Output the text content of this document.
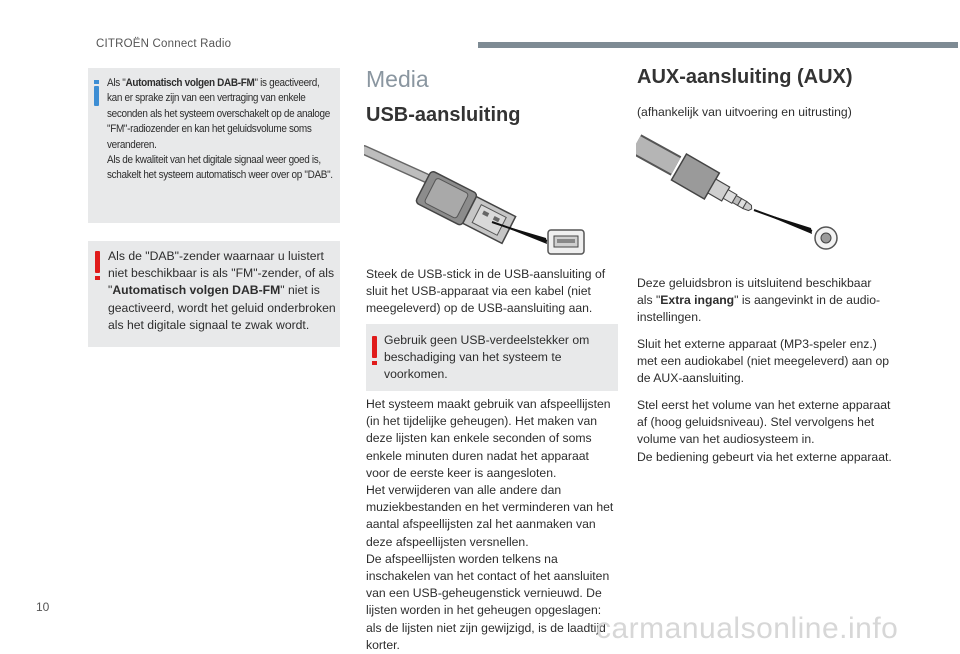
CITROËN Connect Radio
Als "Automatisch volgen DAB-FM" is geactiveerd, kan er sprake zijn van een vertraging van enkele seconden als het systeem overschakelt op de analoge "FM"-radiozender en kan het geluidsvolume soms veranderen.
Als de kwaliteit van het digitale signaal weer goed is, schakelt het systeem automatisch weer over op "DAB".
Als de "DAB"-zender waarnaar u luistert niet beschikbaar is als "FM"-zender, of als "Automatisch volgen DAB-FM" niet is geactiveerd, wordt het geluid onderbroken als het digitale signaal te zwak wordt.
Media
USB-aansluiting
Steek de USB-stick in de USB-aansluiting of sluit het USB-apparaat via een kabel (niet meegeleverd) op de USB-aansluiting aan.
Gebruik geen USB-verdeelstekker om beschadiging van het systeem te voorkomen.
Het systeem maakt gebruik van afspeellijsten (in het tijdelijke geheugen). Het maken van deze lijsten kan enkele seconden of soms enkele minuten duren nadat het apparaat voor de eerste keer is aangesloten.
Het verwijderen van alle andere dan muziekbestanden en het verminderen van het aantal afspeellijsten zal het aanmaken van deze afspeellijsten versnellen.
De afspeellijsten worden telkens na inschakelen van het contact of het aansluiten van een USB-geheugenstick vernieuwd. De lijsten worden in het geheugen opgeslagen: als de lijsten niet zijn gewijzigd, is de laadtijd korter.
AUX-aansluiting (AUX)
(afhankelijk van uitvoering en uitrusting)
Deze geluidsbron is uitsluitend beschikbaar als "Extra ingang" is aangevinkt in de audio-instellingen.
Sluit het externe apparaat (MP3-speler enz.) met een audiokabel (niet meegeleverd) aan op de AUX-aansluiting.
Stel eerst het volume van het externe apparaat af (hoog geluidsniveau). Stel vervolgens het volume van het audiosysteem in.
De bediening gebeurt via het externe apparaat.
10
carmanualsonline.info
